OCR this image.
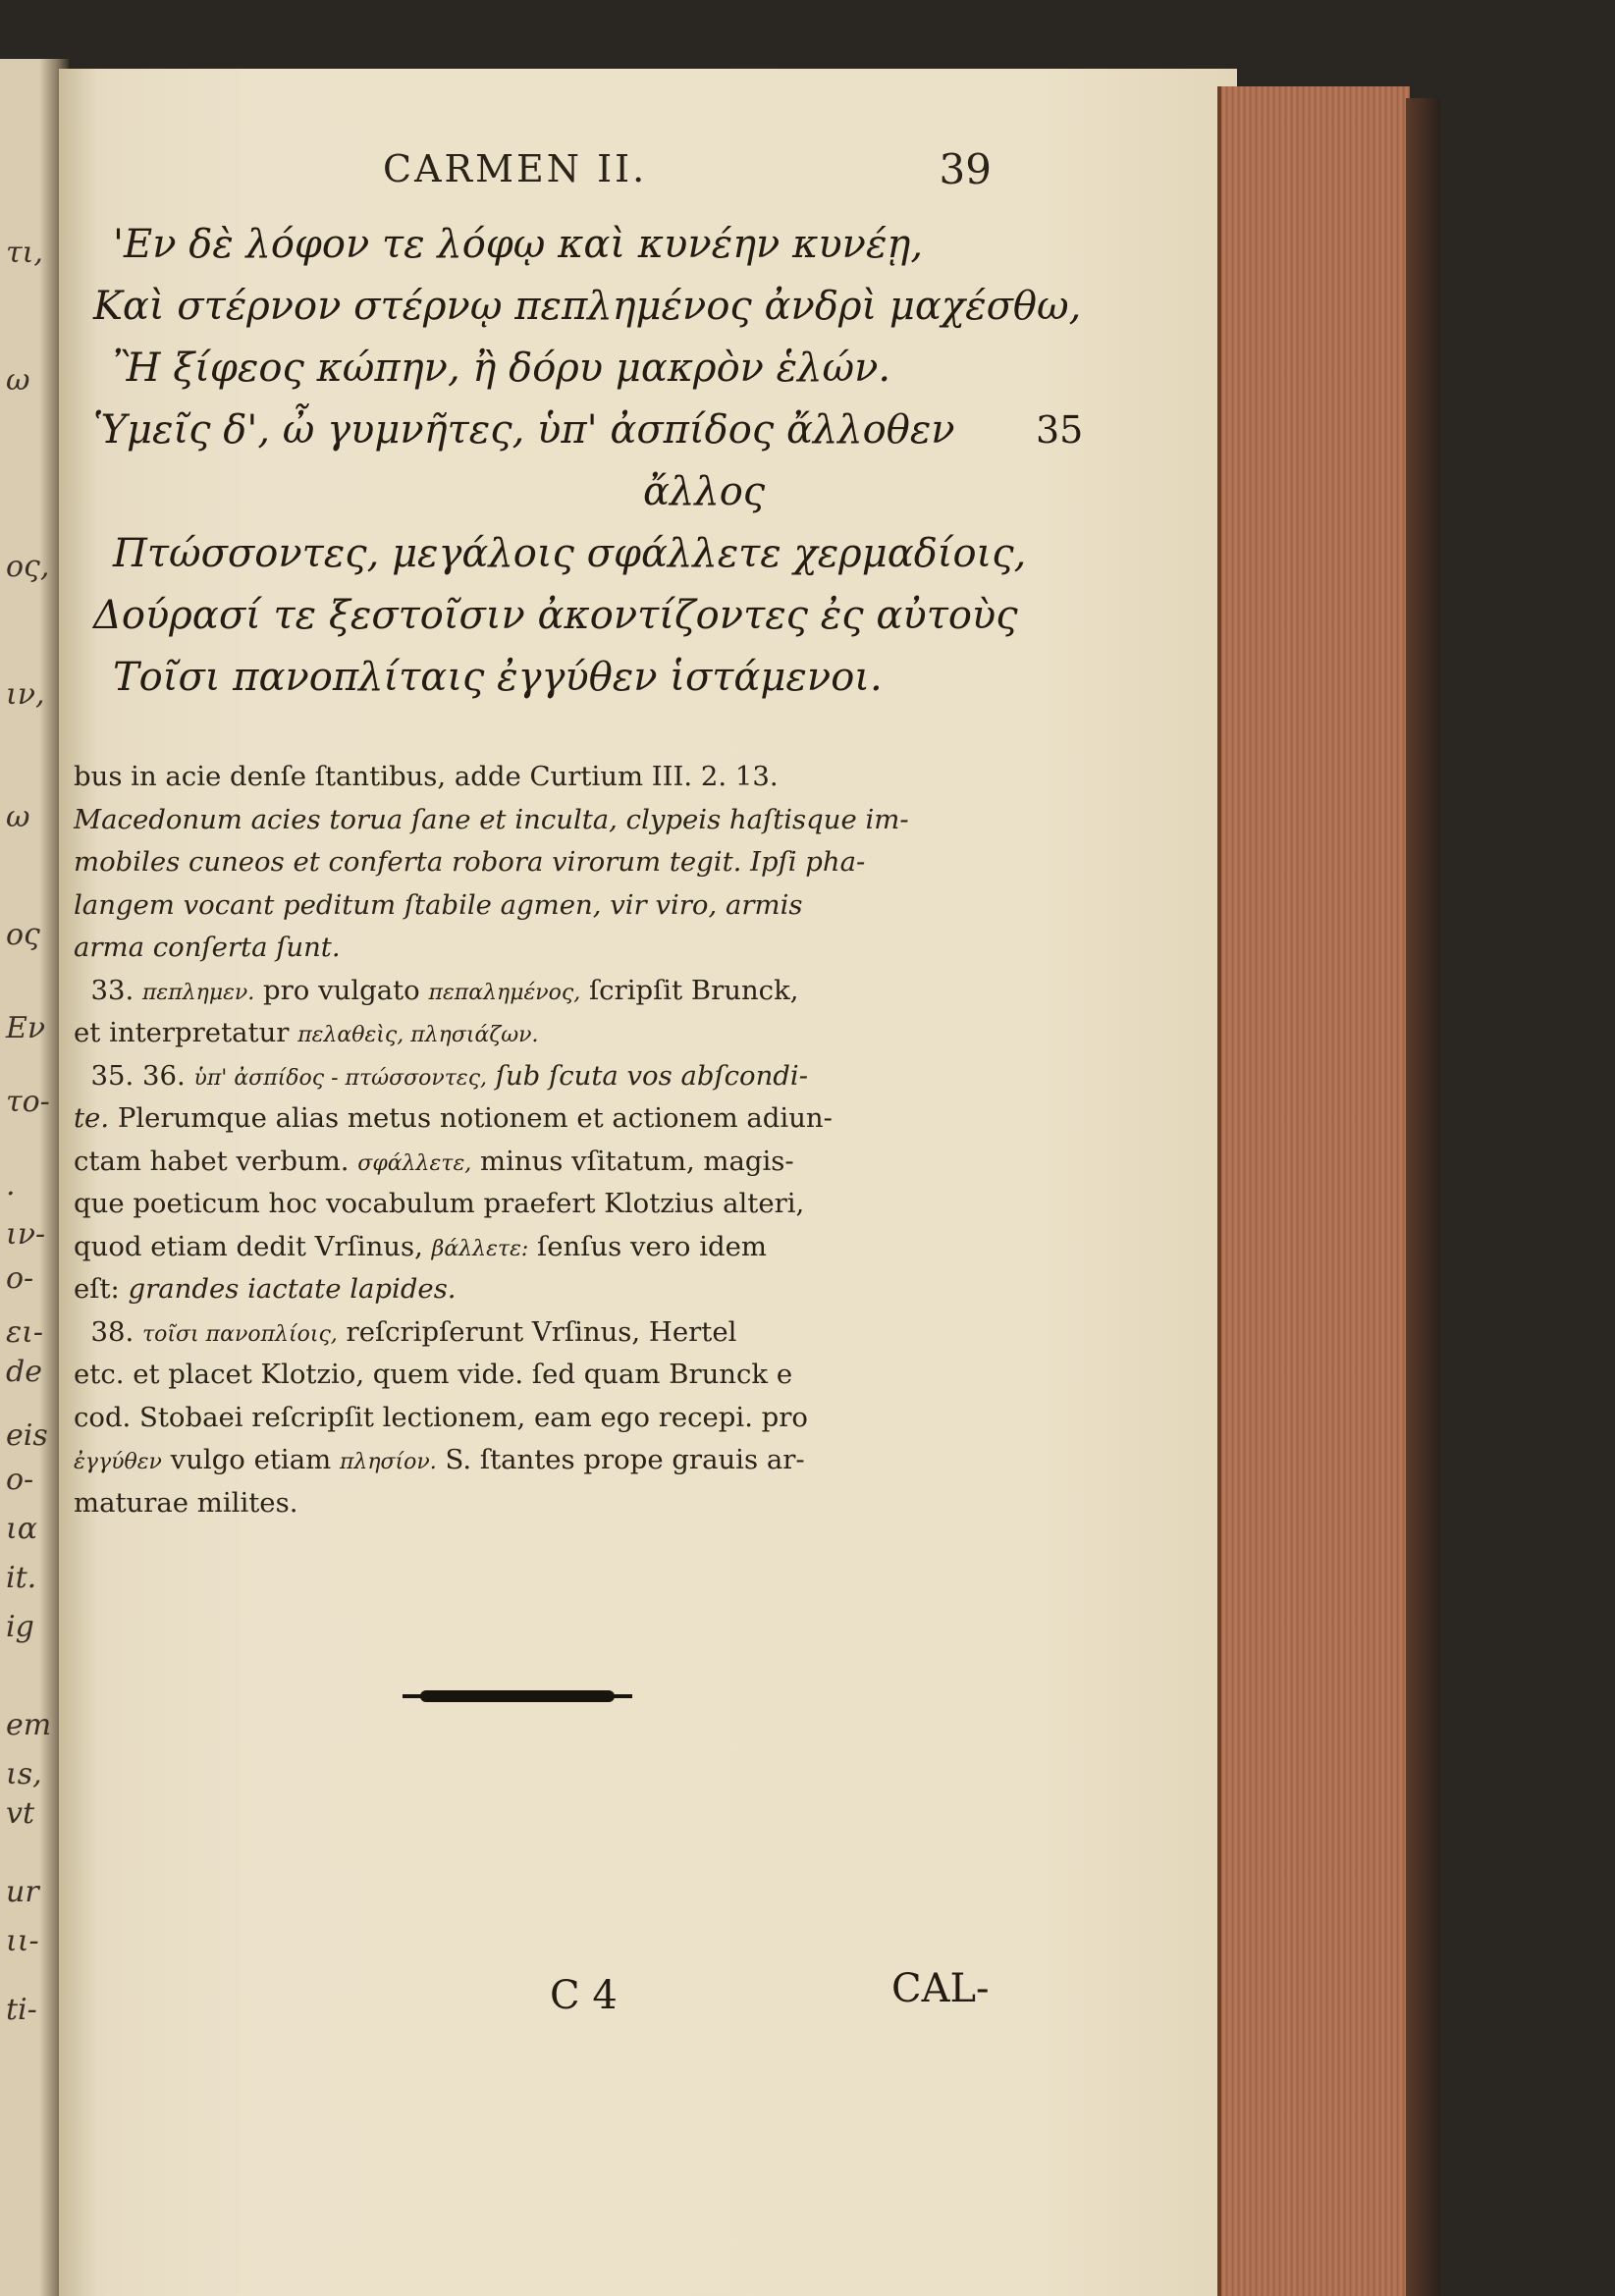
τι,
ω
ος,
ιν,
ω
ος
Εν
το-
.
ιν-
ο-
ει-
de
eis
ο-
ια
it.
ig
em
ιs,
vt
ur
ιι-
ti-
CARMEN II.	39
'Εν δὲ λόφον τε λόφῳ καὶ κυνέην κυνέῃ,
Καὶ στέρνον στέρνῳ πεπλημένος ἀνδρὶ μαχέσθω,
Ἢ ξίφεος κώπην, ἢ δόρυ μακρὸν ἑλών.
Ὑμεῖς δ', ὦ γυμνῆτες, ὑπ' ἀσπίδος ἄλλοθεν 35
ἄλλος
Πτώσσοντες, μεγάλοις σφάλλετε χερμαδίοις,
Δούρασί τε ξεστοῖσιν ἀκοντίζοντες ἐς αὐτοὺς
Τοῖσι πανοπλίταις ἐγγύθεν ἱστάμενοι.
bus in acie denſe ſtantibus, adde Curtium III. 2. 13.
Macedonum acies torua ſane et inculta, clypeis haſtisque im-
mobiles cuneos et conferta robora virorum tegit. Ipſi pha-
langem vocant peditum ſtabile agmen, vir viro, armis
arma conſerta ſunt.
33. πεπλημεν. pro vulgato πεπαλημένος, ſcripſit Brunck,
et interpretatur πελαθεὶς, πλησιάζων.
35. 36. ὑπ' ἀσπίδος - πτώσσοντες, ſub ſcuta vos abſcondi-
te. Plerumque alias metus notionem et actionem adiun-
ctam habet verbum. σφάλλετε, minus vſitatum, magis-
que poeticum hoc vocabulum praefert Klotzius alteri,
quod etiam dedit Vrſinus, βάλλετε: ſenſus vero idem
eſt: grandes iactate lapides.
38. τοῖσι πανοπλίοις, reſcripſerunt Vrſinus, Hertel
etc. et placet Klotzio, quem vide. ſed quam Brunck e
cod. Stobaei reſcripſit lectionem, eam ego recepi. pro
ἐγγύθεν vulgo etiam πλησίον. S. ſtantes prope grauis ar-
maturae milites.
C 4	CAL-
